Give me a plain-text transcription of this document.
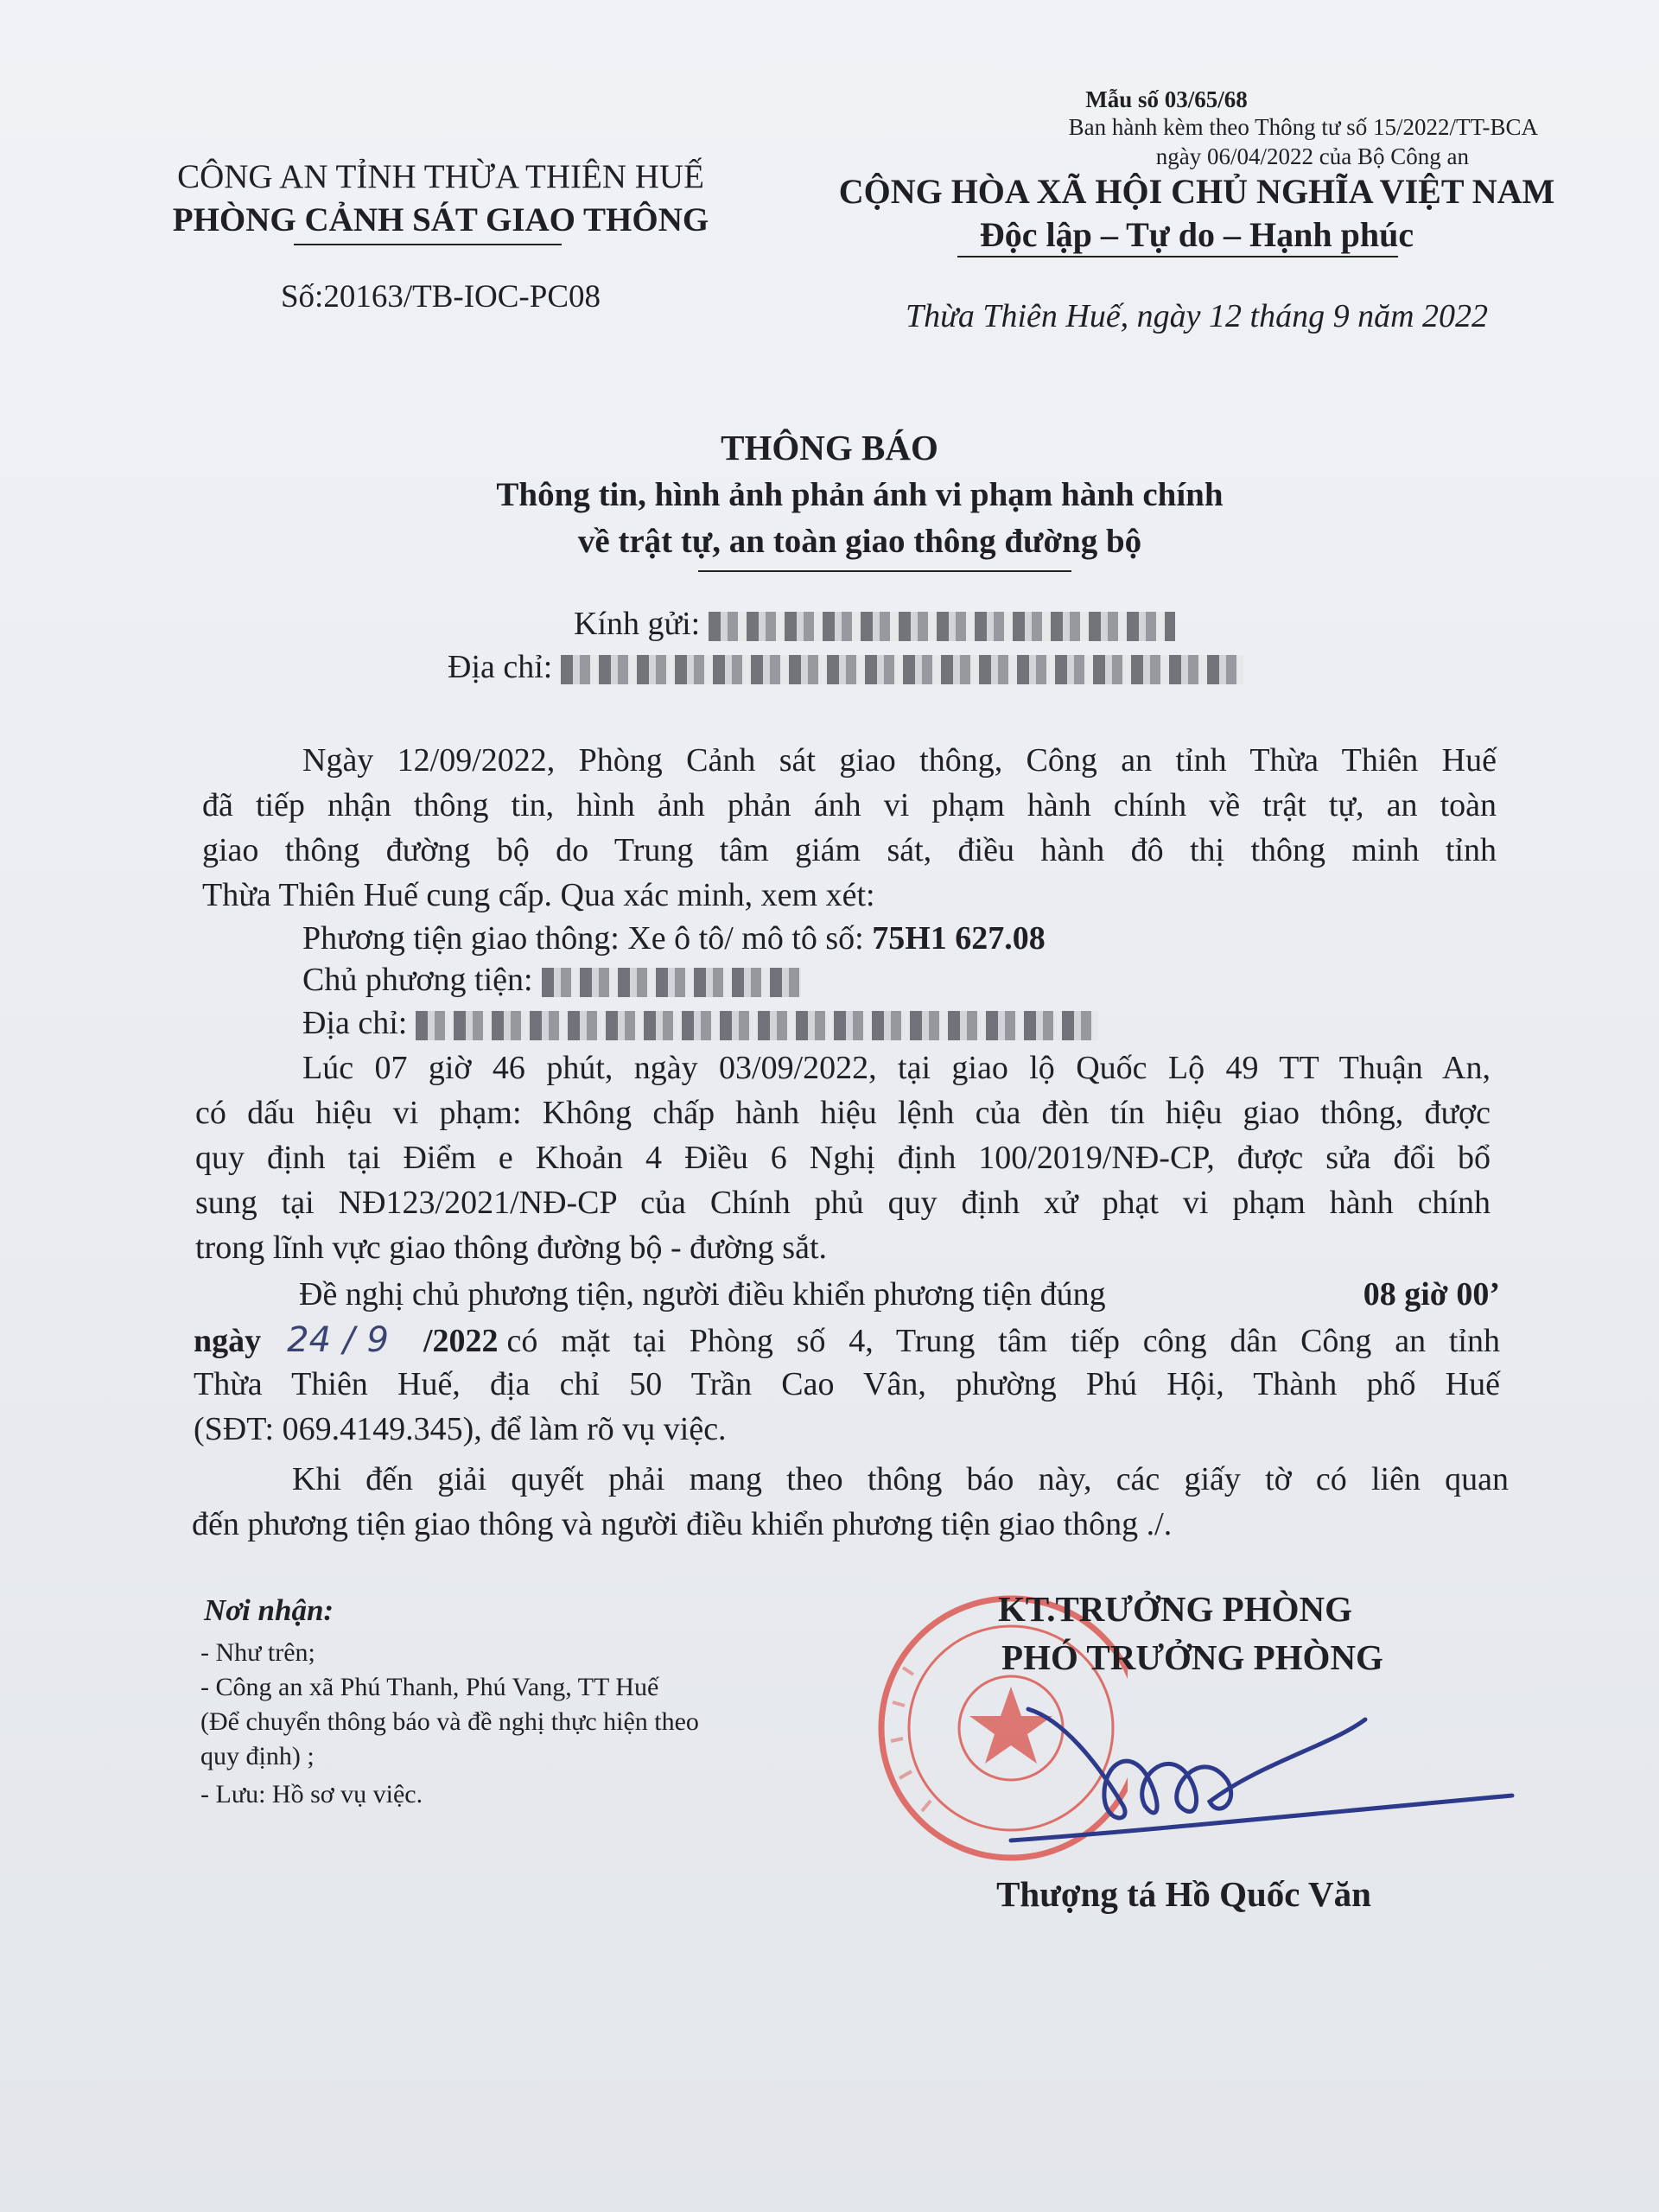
CÔNG AN TỈNH THỪA THIÊN HUẾ
PHÒNG CẢNH SÁT GIAO THÔNG
Số:20163/TB-IOC-PC08
Mẫu số 03/65/68
Ban hành kèm theo Thông tư số 15/2022/TT-BCA
ngày 06/04/2022 của Bộ Công an
CỘNG HÒA XÃ HỘI CHỦ NGHĨA VIỆT NAM
Độc lập – Tự do – Hạnh phúc
Thừa Thiên Huế, ngày 12 tháng 9 năm 2022
THÔNG BÁO
Thông tin, hình ảnh phản ánh vi phạm hành chính
về trật tự, an toàn giao thông đường bộ
Kính gửi:
Địa chỉ:
Ngày 12/09/2022, Phòng Cảnh sát giao thông, Công an tỉnh Thừa Thiên Huế
đã tiếp nhận thông tin, hình ảnh phản ánh vi phạm hành chính về trật tự, an toàn
giao thông đường bộ do Trung tâm giám sát, điều hành đô thị thông minh tỉnh
Thừa Thiên Huế cung cấp. Qua xác minh, xem xét:
Phương tiện giao thông: Xe ô tô/ mô tô số: 75H1 627.08
Chủ phương tiện:
Địa chỉ:
Lúc 07 giờ 46 phút, ngày 03/09/2022, tại giao lộ Quốc Lộ 49 TT Thuận An,
có dấu hiệu vi phạm: Không chấp hành hiệu lệnh của đèn tín hiệu giao thông, được
quy định tại Điểm e Khoản 4 Điều 6 Nghị định 100/2019/NĐ-CP, được sửa đổi bổ
sung tại NĐ123/2021/NĐ-CP của Chính phủ quy định xử phạt vi phạm hành chính
trong lĩnh vực giao thông đường bộ - đường sắt.
Đề nghị chủ phương tiện, người điều khiển phương tiện đúng	08 giờ 00’
ngày 24 / 9 /2022 có mặt tại Phòng số 4, Trung tâm tiếp công dân Công an tỉnh
Thừa Thiên Huế, địa chỉ 50 Trần Cao Vân, phường Phú Hội, Thành phố Huế
(SĐT: 069.4149.345), để làm rõ vụ việc.
Khi đến giải quyết phải mang theo thông báo này, các giấy tờ có liên quan
đến phương tiện giao thông và người điều khiển phương tiện giao thông ./.
Nơi nhận:
- Như trên;
- Công an xã Phú Thanh, Phú Vang, TT Huế
(Để chuyển thông báo và đề nghị thực hiện theo
quy định) ;
- Lưu: Hồ sơ vụ việc.
KT.TRƯỞNG PHÒNG
PHÓ TRƯỞNG PHÒNG
Thượng tá Hồ Quốc Văn
